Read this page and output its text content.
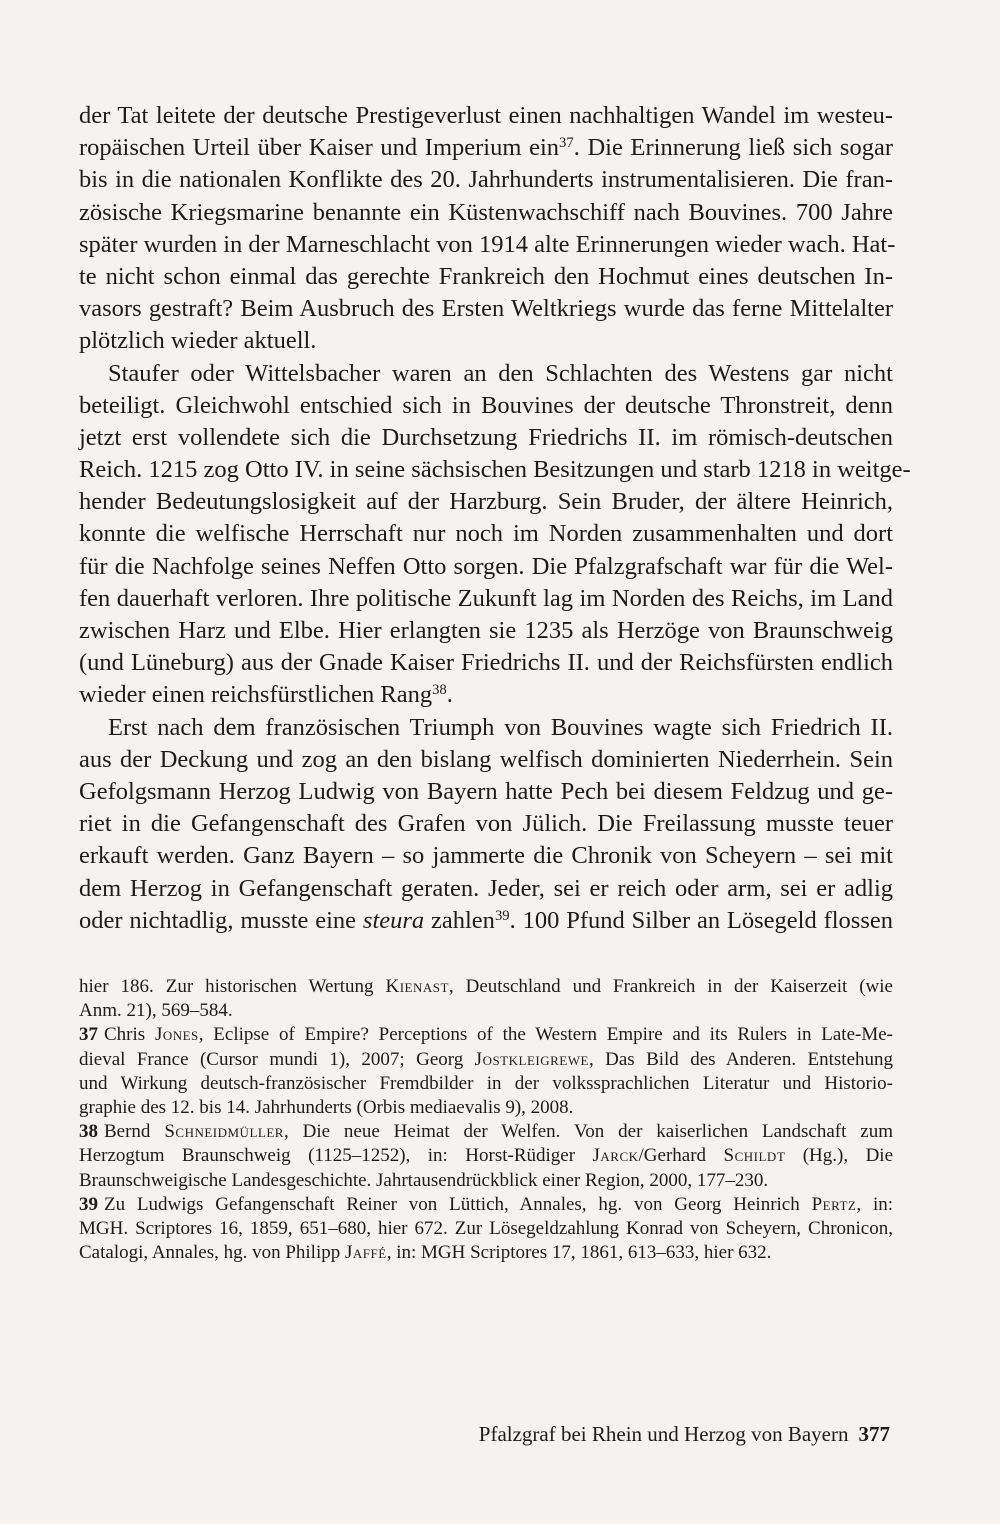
der Tat leitete der deutsche Prestigeverlust einen nachhaltigen Wandel im westeu-
ropäischen Urteil über Kaiser und Imperium ein$^{37}$. Die Erinnerung ließ sich sogar
bis in die nationalen Konflikte des 20. Jahrhunderts instrumentalisieren. Die fran-
zösische Kriegsmarine benannte ein Küstenwachschiff nach Bouvines. 700 Jahre
später wurden in der Marneschlacht von 1914 alte Erinnerungen wieder wach. Hat-
te nicht schon einmal das gerechte Frankreich den Hochmut eines deutschen In-
vasors gestraft? Beim Ausbruch des Ersten Weltkriegs wurde das ferne Mittelalter
plötzlich wieder aktuell.
Staufer oder Wittelsbacher waren an den Schlachten des Westens gar nicht
beteiligt. Gleichwohl entschied sich in Bouvines der deutsche Thronstreit, denn
jetzt erst vollendete sich die Durchsetzung Friedrichs II. im römisch-deutschen
Reich. 1215 zog Otto IV. in seine sächsischen Besitzungen und starb 1218 in weitge-
hender Bedeutungslosigkeit auf der Harzburg. Sein Bruder, der ältere Heinrich,
konnte die welfische Herrschaft nur noch im Norden zusammenhalten und dort
für die Nachfolge seines Neffen Otto sorgen. Die Pfalzgrafschaft war für die Wel-
fen dauerhaft verloren. Ihre politische Zukunft lag im Norden des Reichs, im Land
zwischen Harz und Elbe. Hier erlangten sie 1235 als Herzöge von Braunschweig
(und Lüneburg) aus der Gnade Kaiser Friedrichs II. und der Reichsfürsten endlich
wieder einen reichsfürstlichen Rang$^{38}$.
Erst nach dem französischen Triumph von Bouvines wagte sich Friedrich II.
aus der Deckung und zog an den bislang welfisch dominierten Niederrhein. Sein
Gefolgsmann Herzog Ludwig von Bayern hatte Pech bei diesem Feldzug und ge-
riet in die Gefangenschaft des Grafen von Jülich. Die Freilassung musste teuer
erkauft werden. Ganz Bayern – so jammerte die Chronik von Scheyern – sei mit
dem Herzog in Gefangenschaft geraten. Jeder, sei er reich oder arm, sei er adlig
oder nichtadlig, musste eine steura zahlen$^{39}$. 100 Pfund Silber an Lösegeld flossen
hier 186. Zur historischen Wertung Kienast, Deutschland und Frankreich in der Kaiserzeit (wie
Anm. 21), 569–584.
37 Chris Jones, Eclipse of Empire? Perceptions of the Western Empire and its Rulers in Late-Me-
dieval France (Cursor mundi 1), 2007; Georg Jostkleigrewe, Das Bild des Anderen. Entstehung
und Wirkung deutsch-französischer Fremdbilder in der volkssprachlichen Literatur und Historio-
graphie des 12. bis 14. Jahrhunderts (Orbis mediaevalis 9), 2008.
38 Bernd Schneidmüller, Die neue Heimat der Welfen. Von der kaiserlichen Landschaft zum
Herzogtum Braunschweig (1125–1252), in: Horst-Rüdiger Jarck/Gerhard Schildt (Hg.), Die
Braunschweigische Landesgeschichte. Jahrtausendrückblick einer Region, 2000, 177–230.
39 Zu Ludwigs Gefangenschaft Reiner von Lüttich, Annales, hg. von Georg Heinrich Pertz, in:
MGH. Scriptores 16, 1859, 651–680, hier 672. Zur Lösegeldzahlung Konrad von Scheyern, Chronicon,
Catalogi, Annales, hg. von Philipp Jaffé, in: MGH Scriptores 17, 1861, 613–633, hier 632.
Pfalzgraf bei Rhein und Herzog von Bayern 377
